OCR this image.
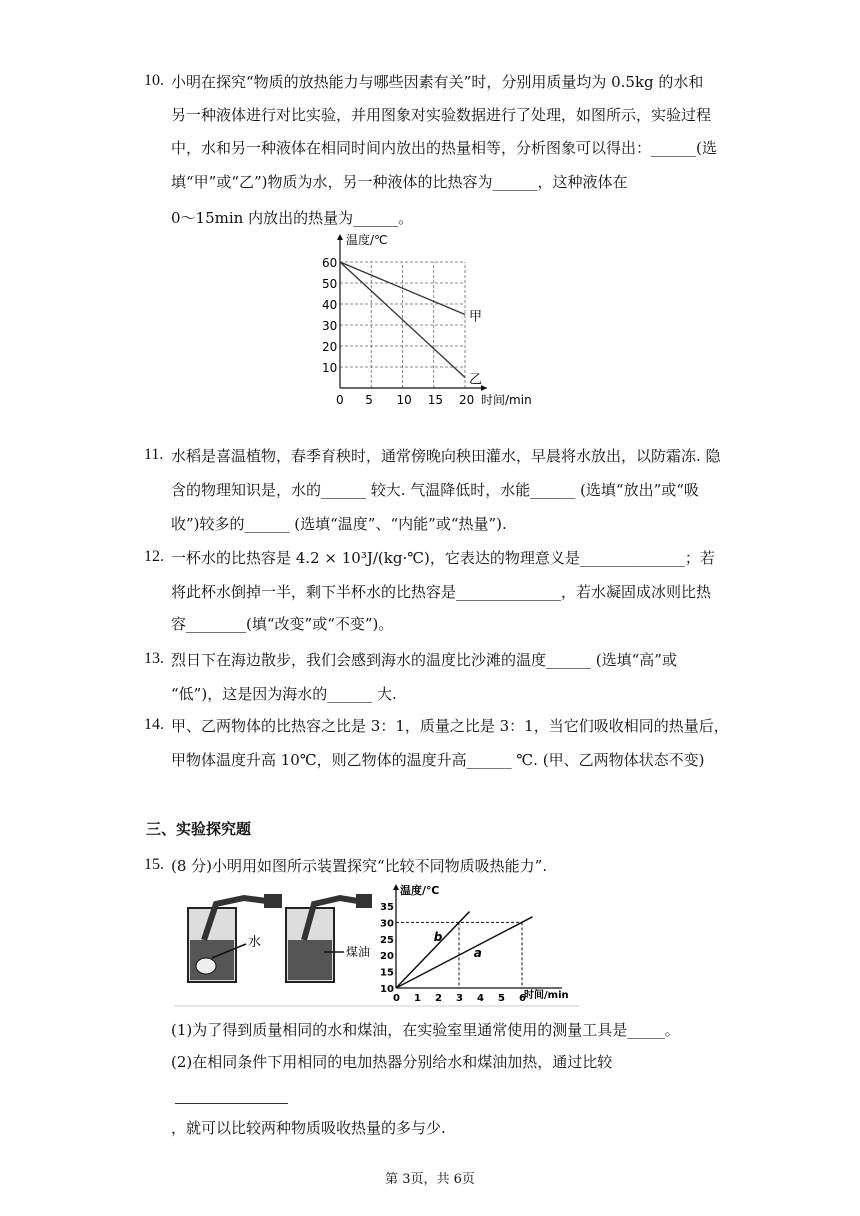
10. 小明在探究“物质的放热能力与哪些因素有关”时，分别用质量均为 0.5kg 的水和
另一种液体进行对比实验，并用图象对实验数据进行了处理，如图所示，实验过程
中，水和另一种液体在相同时间内放出的热量相等，分析图象可以得出：______(选
填“甲”或“乙”)物质为水，另一种液体的比热容为______，这种液体在
0～15min 内放出的热量为______。
60
50
40
30
20
10
0 5 10 15 20
温度/℃
时间/min
甲
乙
11. 水稻是喜温植物，春季育秧时，通常傍晚向秧田灌水，早晨将水放出，以防霜冻. 隐
含的物理知识是，水的______ 较大. 气温降低时，水能______ (选填“放出”或“吸
收”)较多的______ (选填“温度”、“内能”或“热量”).
12. 一杯水的比热容是 4.2 × 10³J/(kg·℃)，它表达的物理意义是______________；若
将此杯水倒掉一半，剩下半杯水的比热容是______________，若水凝固成冰则比热
容________(填“改变”或“不变”)。
13. 烈日下在海边散步，我们会感到海水的温度比沙滩的温度______ (选填“高”或
“低”)，这是因为海水的______ 大.
14. 甲、乙两物体的比热容之比是 3：1，质量之比是 3：1，当它们吸收相同的热量后，
甲物体温度升高 10℃，则乙物体的温度升高______ ℃. (甲、乙两物体状态不变)
三、实验探究题
15. (8 分)小明用如图所示装置探究“比较不同物质吸热能力”.
水
煤油
35
30
25
20
15
10
0 1 2 3 4 5 6
温度/℃
时间/min
b
a
(1)为了得到质量相同的水和煤油，在实验室里通常使用的测量工具是_____。
(2)在相同条件下用相同的电加热器分别给水和煤油加热，通过比较
，就可以比较两种物质吸收热量的多与少.
第 3页，共 6页
